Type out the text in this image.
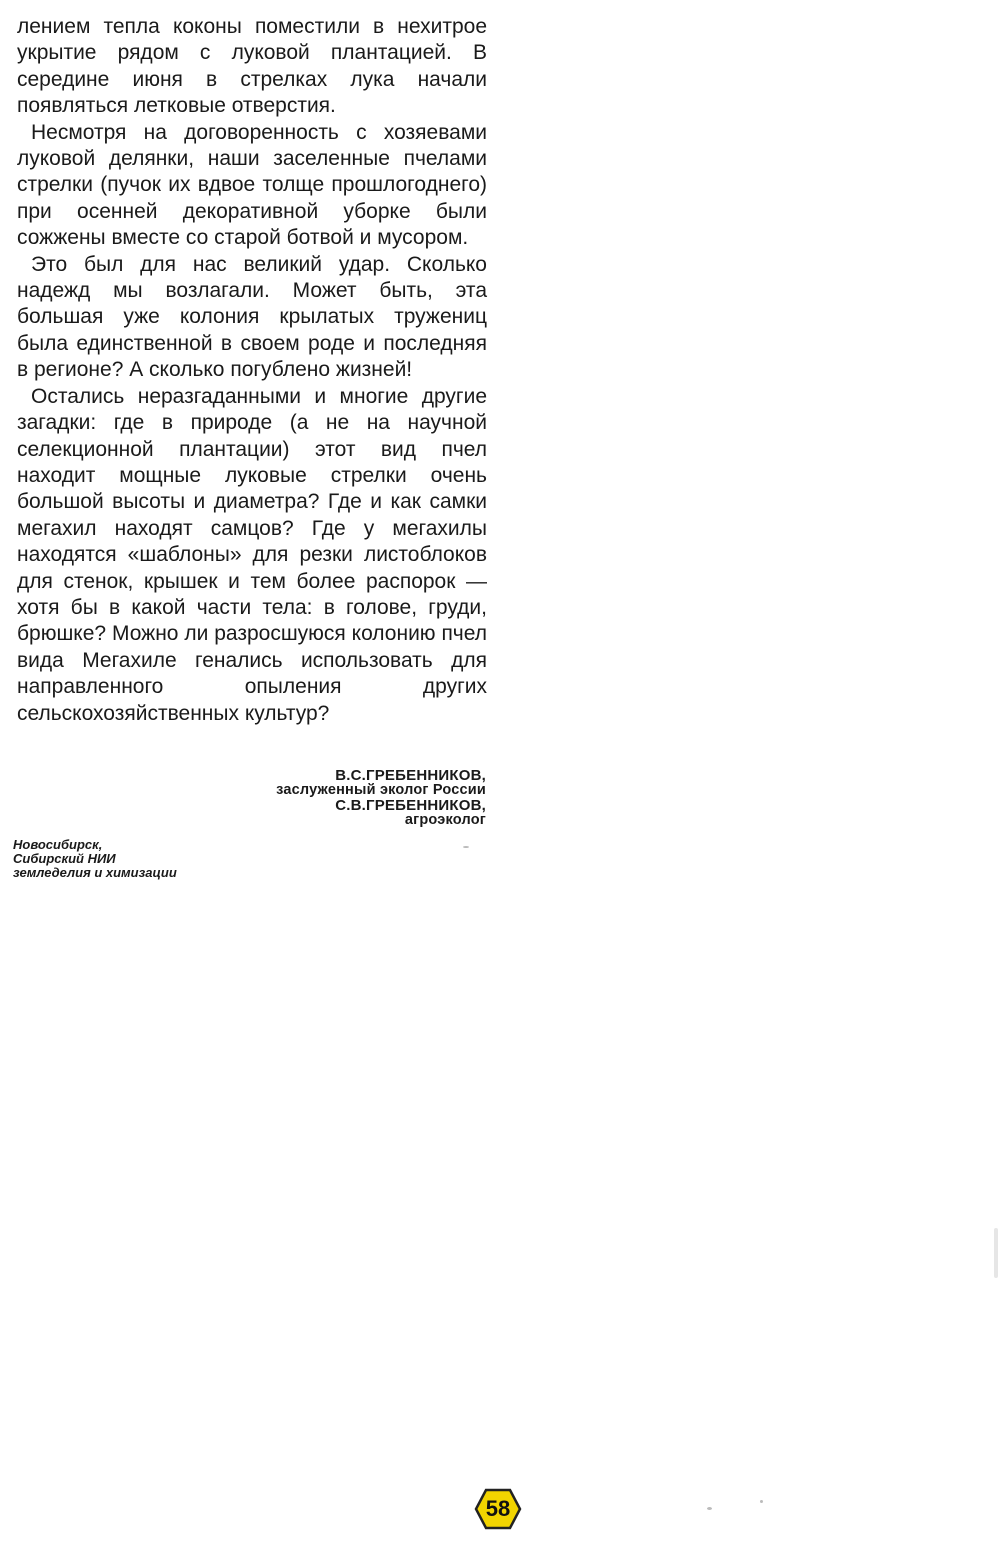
лением тепла коконы поместили в нехитрое укрытие рядом с луковой плантацией. В середине июня в стрелках лука начали появляться летковые отверстия.

Несмотря на договоренность с хозяевами луковой делянки, наши заселенные пчелами стрелки (пучок их вдвое толще прошлогоднего) при осенней декоративной уборке были сожжены вместе со старой ботвой и мусором.

Это был для нас великий удар. Сколько надежд мы возлагали. Может быть, эта большая уже колония крылатых тружениц была единственной в своем роде и последняя в регионе? А сколько погублено жизней!

Остались неразгаданными и многие другие загадки: где в природе (а не на научной селекционной плантации) этот вид пчел находит мощные луковые стрелки очень большой высоты и диаметра? Где и как самки мегахил находят самцов? Где у мегахилы находятся «шаблоны» для резки листоблоков для стенок, крышек и тем более распорок — хотя бы в какой части тела: в голове, груди, брюшке? Можно ли разросшуюся колонию пчел вида Мегахиле генались использовать для направленного опыления других сельскохозяйственных культур?

В.С.ГРЕБЕННИКОВ,
заслуженный эколог России
С.В.ГРЕБЕННИКОВ,
агроэколог
Новосибирск,
Сибирский НИИ
земледелия и химизации
58
